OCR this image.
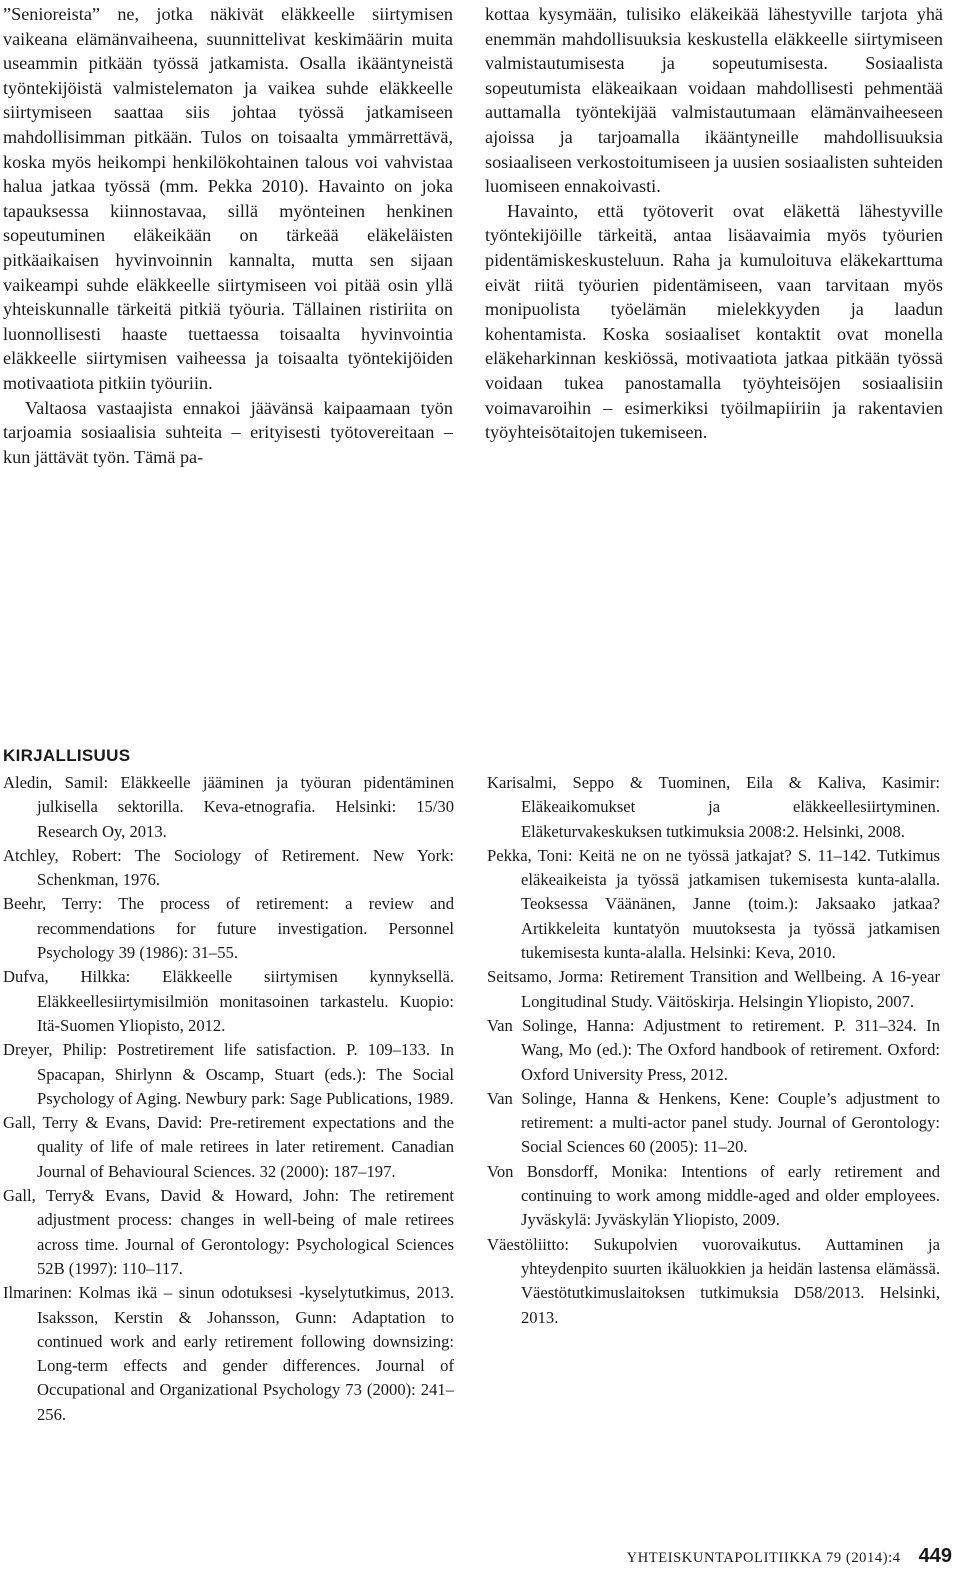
”Senioreista” ne, jotka näkivät eläkkeelle siirtymisen vaikeana elämänvaiheena, suunnittelivat keskimäärin muita useammin pitkään työssä jatkamista. Osalla ikääntyneistä työntekijöistä valmistelematon ja vaikea suhde eläkkeelle siirtymiseen saattaa siis johtaa työssä jatkamiseen mahdollisimman pitkään. Tulos on toisaalta ymmärrettävä, koska myös heikompi henkilökohtainen talous voi vahvistaa halua jatkaa työssä (mm. Pekka 2010). Havainto on joka tapauksessa kiinnostavaa, sillä myönteinen henkinen sopeutuminen eläkeikään on tärkeää eläkeläisten pitkäaikaisen hyvinvoinnin kannalta, mutta sen sijaan vaikeampi suhde eläkkeelle siirtymiseen voi pitää osin yllä yhteiskunnalle tärkeitä pitkiä työuria. Tällainen ristiriita on luonnollisesti haaste tuettaessa toisaalta hyvinvointia eläkkeelle siirtymisen vaiheessa ja toisaalta työntekijöiden motivaatiota pitkiin työuriin.

Valtaosa vastaajista ennakoi jäävänsä kaipaamaan työn tarjoamia sosiaalisia suhteita – erityisesti työtovereitaan – kun jättävät työn. Tämä pa-

kottaa kysymään, tulisiko eläkeikää lähestyville tarjota yhä enemmän mahdollisuuksia keskustella eläkkeelle siirtymiseen valmistautumisesta ja sopeutumisesta. Sosiaalista sopeutumista eläkeaikaan voidaan mahdollisesti pehmentää auttamalla työntekijää valmistautumaan elämänvaiheeseen ajoissa ja tarjoamalla ikääntyneille mahdollisuuksia sosiaaliseen verkostoitumiseen ja uusien sosiaalisten suhteiden luomiseen ennakoivasti.

Havainto, että työtoverit ovat eläkettä lähestyville työntekijöille tärkeitä, antaa lisäavaimia myös työurien pidentämiskeskusteluun. Raha ja kumuloituva eläkekarttuma eivät riitä työurien pidentämiseen, vaan tarvitaan myös monipuolista työelämän mielekkyyden ja laadun kohentamista. Koska sosiaaliset kontaktit ovat monella eläkeharkinnan keskiössä, motivaatiota jatkaa pitkään työssä voidaan tukea panostamalla työyhteisöjen sosiaalisiin voimavaroihin – esimerkiksi työilmapiiriin ja rakentavien työyhteisötaitojen tukemiseen.

KIRJALLISUUS

Aledin, Samil: Eläkkeelle jääminen ja työuran pidentäminen julkisella sektorilla. Keva-etnografia. Helsinki: 15/30 Research Oy, 2013.

Atchley, Robert: The Sociology of Retirement. New York: Schenkman, 1976.

Beehr, Terry: The process of retirement: a review and recommendations for future investigation. Personnel Psychology 39 (1986): 31–55.

Dufva, Hilkka: Eläkkeelle siirtymisen kynnyksellä. Eläkkeellesiirtymisilmiön monitasoinen tarkastelu. Kuopio: Itä-Suomen Yliopisto, 2012.

Dreyer, Philip: Postretirement life satisfaction. P. 109–133. In Spacapan, Shirlynn & Oscamp, Stuart (eds.): The Social Psychology of Aging. Newbury park: Sage Publications, 1989.

Gall, Terry & Evans, David: Pre-retirement expectations and the quality of life of male retirees in later retirement. Canadian Journal of Behavioural Sciences. 32 (2000): 187–197.

Gall, Terry& Evans, David & Howard, John: The retirement adjustment process: changes in well-being of male retirees across time. Journal of Gerontology: Psychological Sciences 52B (1997): 110–117.

Ilmarinen: Kolmas ikä – sinun odotuksesi -kyselytutkimus, 2013. Isaksson, Kerstin & Johansson, Gunn: Adaptation to continued work and early retirement following downsizing: Long-term effects and gender differences. Journal of Occupational and Organizational Psychology 73 (2000): 241–256.

Karisalmi, Seppo & Tuominen, Eila & Kaliva, Kasimir: Eläkeaikomukset ja eläkkeellesiirtyminen. Eläketurvakeskuksen tutkimuksia 2008:2. Helsinki, 2008.

Pekka, Toni: Keitä ne on ne työssä jatkajat? S. 11–142. Tutkimus eläkeaikeista ja työssä jatkamisen tukemisesta kunta-alalla. Teoksessa Väänänen, Janne (toim.): Jaksaako jatkaa? Artikkeleita kuntatyön muutoksesta ja työssä jatkamisen tukemisesta kunta-alalla. Helsinki: Keva, 2010.

Seitsamo, Jorma: Retirement Transition and Wellbeing. A 16-year Longitudinal Study. Väitöskirja. Helsingin Yliopisto, 2007.

Van Solinge, Hanna: Adjustment to retirement. P. 311–324. In Wang, Mo (ed.): The Oxford handbook of retirement. Oxford: Oxford University Press, 2012.

Van Solinge, Hanna & Henkens, Kene: Couple’s adjustment to retirement: a multi-actor panel study. Journal of Gerontology: Social Sciences 60 (2005): 11–20.

Von Bonsdorff, Monika: Intentions of early retirement and continuing to work among middle-aged and older employees. Jyväskylä: Jyväskylän Yliopisto, 2009.

Väestöliitto: Sukupolvien vuorovaikutus. Auttaminen ja yhteydenpito suurten ikäluokkien ja heidän lastensa elämässä. Väestötutkimuslaitoksen tutkimuksia D58/2013. Helsinki, 2013.

YHTEISKUNTAPOLITIIKKA 79 (2014):4 449
